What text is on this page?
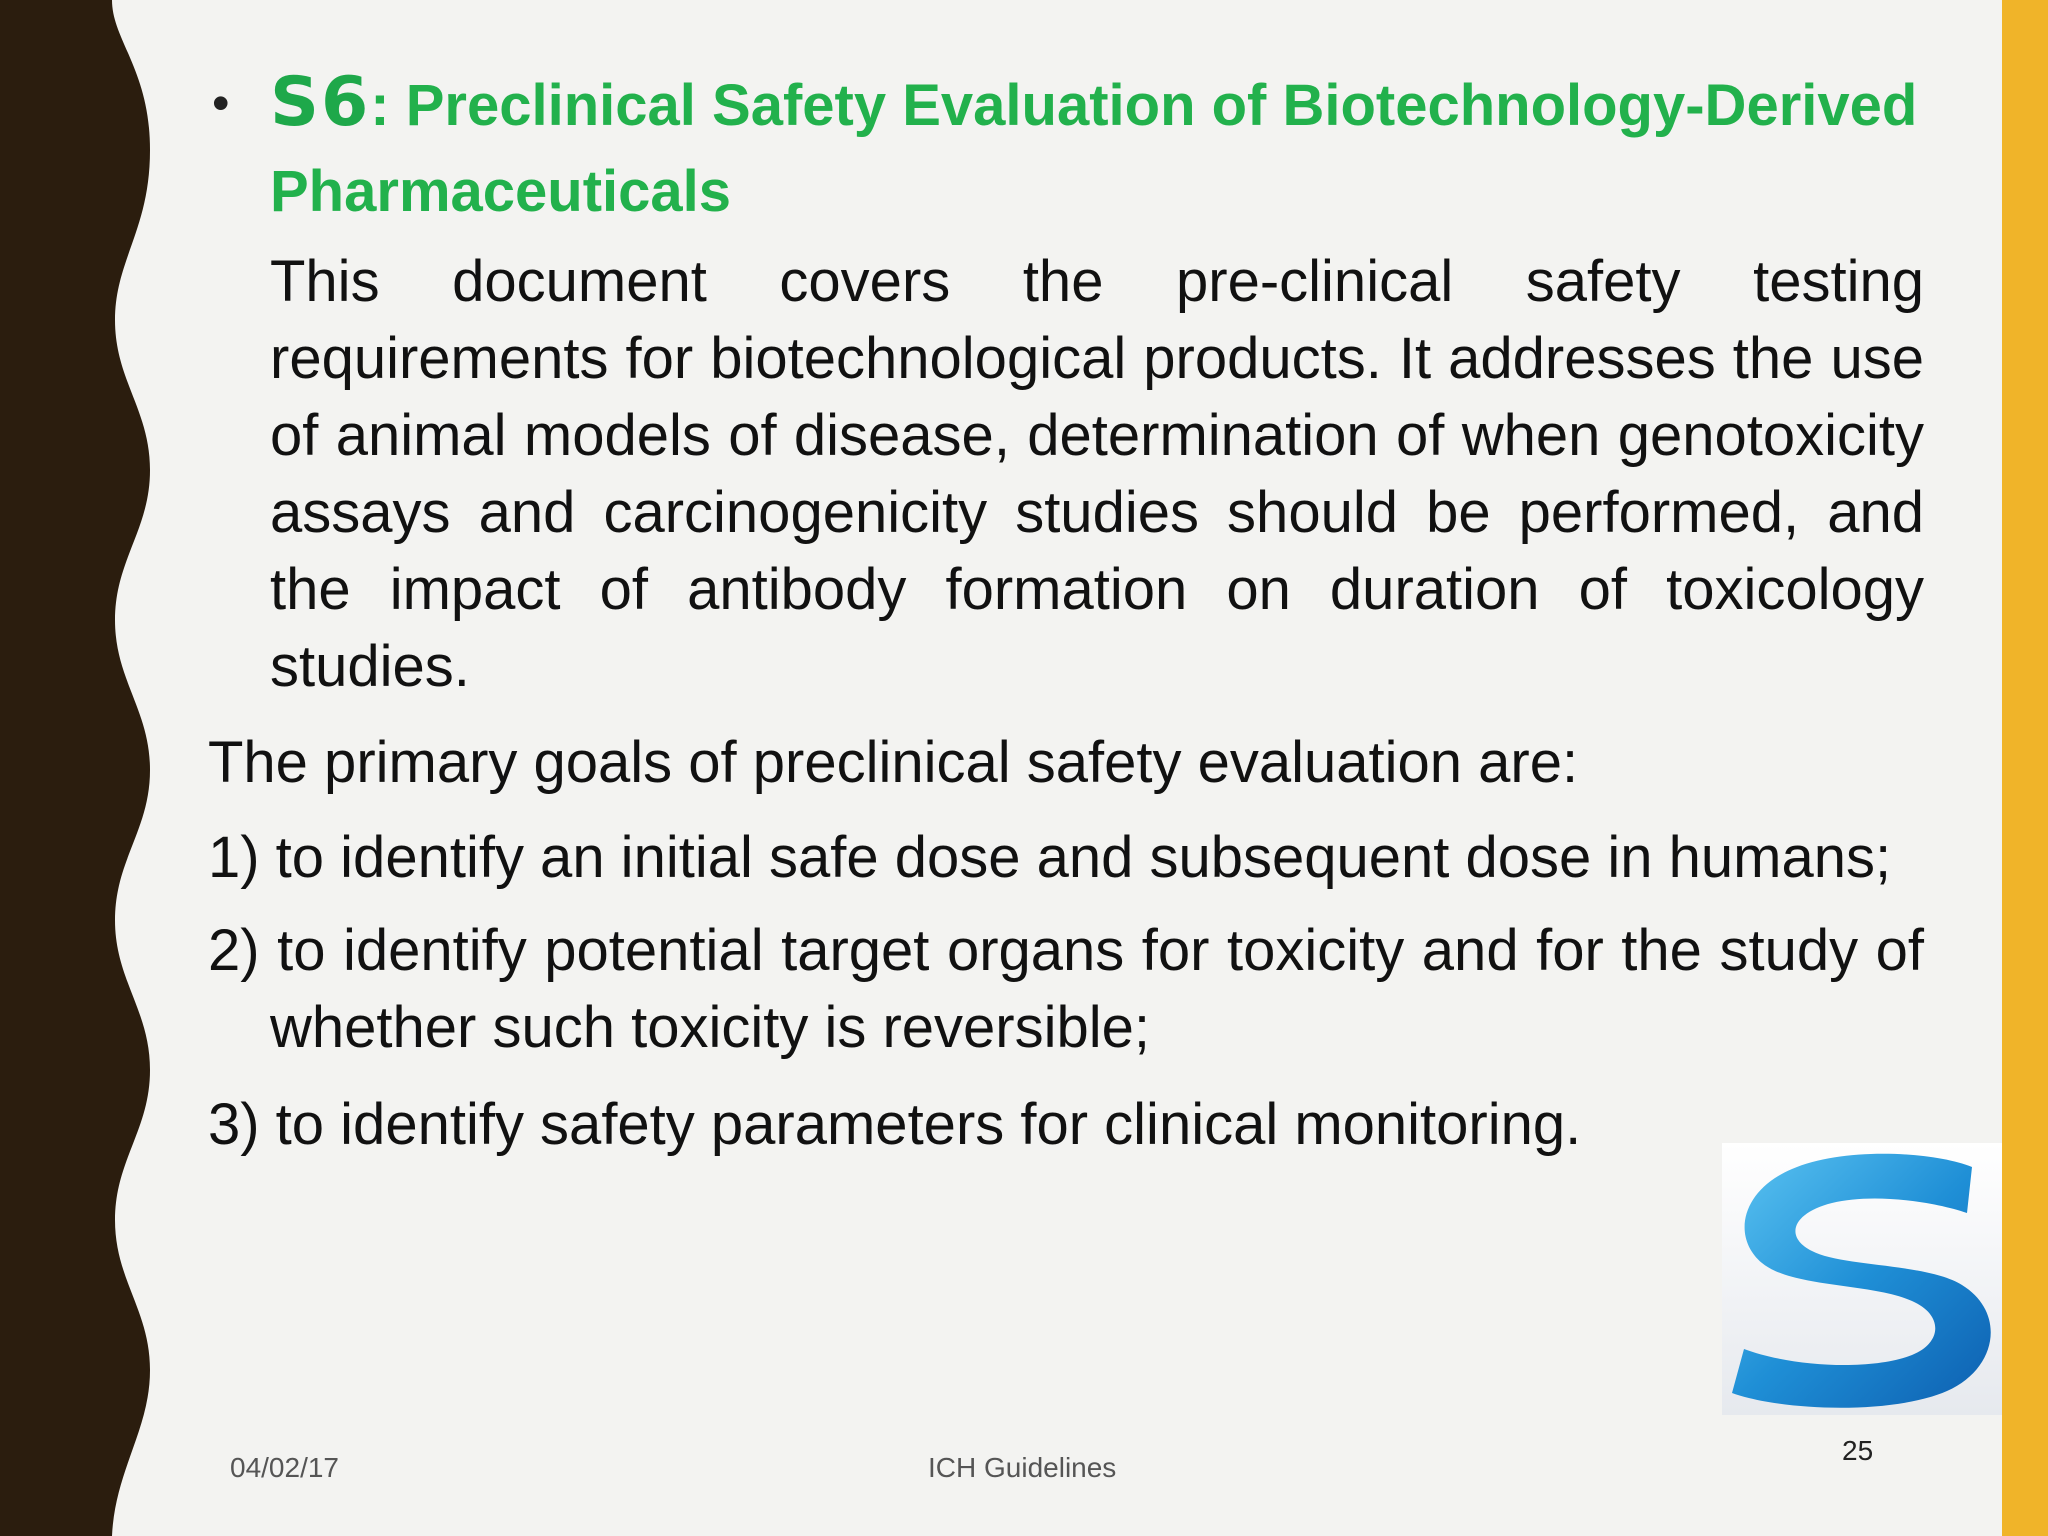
• S6: Preclinical Safety Evaluation of Biotechnology-Derived Pharmaceuticals
This document covers the pre-clinical safety testing requirements for biotechnological products. It addresses the use of animal models of disease, determination of when genotoxicity assays and carcinogenicity studies should be performed, and the impact of antibody formation on duration of toxicology studies.
The primary goals of preclinical safety evaluation are:
1) to identify an initial safe dose and subsequent dose in humans;
2) to identify potential target organs for toxicity and for the study of whether such toxicity is reversible;
3) to identify safety parameters for clinical monitoring.
04/02/17	ICH Guidelines
25
